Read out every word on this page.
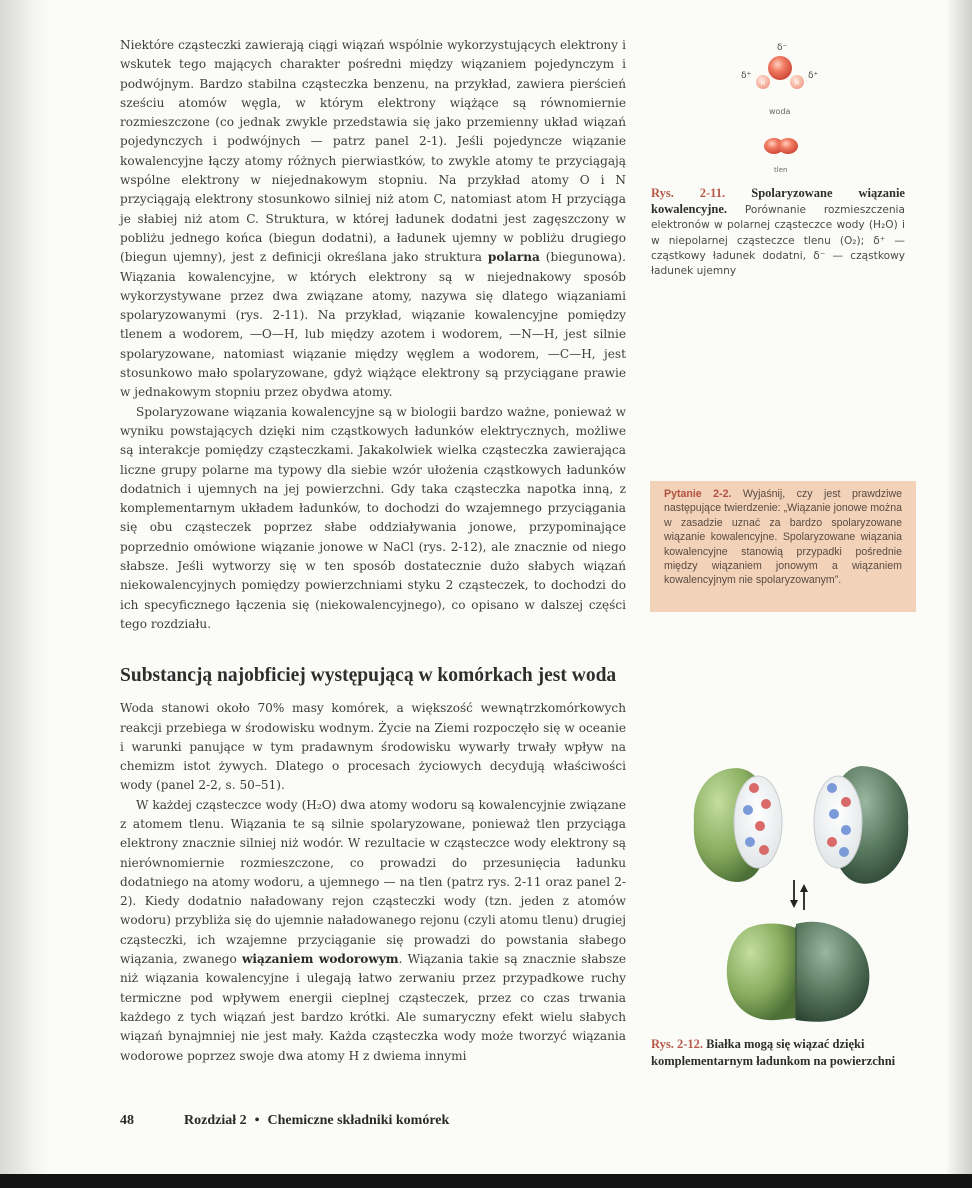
Niektóre cząsteczki zawierają ciągi wiązań wspólnie wykorzystujących elektrony i wskutek tego mających charakter pośredni między wiązaniem pojedynczym i podwójnym. Bardzo stabilna cząsteczka benzenu, na przykład, zawiera pierścień sześciu atomów węgla, w którym elektrony wiążące są równomiernie rozmieszczone (co jednak zwykle przedstawia się jako przemienny układ wiązań pojedynczych i podwójnych — patrz panel 2-1). Jeśli pojedyncze wiązanie kowalencyjne łączy atomy różnych pierwiastków, to zwykle atomy te przyciągają wspólne elektrony w niejednakowym stopniu. Na przykład atomy O i N przyciągają elektrony stosunkowo silniej niż atom C, natomiast atom H przyciąga je słabiej niż atom C. Struktura, w której ładunek dodatni jest zagęszczony w pobliżu jednego końca (biegun dodatni), a ładunek ujemny w pobliżu drugiego (biegun ujemny), jest z definicji określana jako struktura polarna (biegunowa). Wiązania kowalencyjne, w których elektrony są w niejednakowy sposób wykorzystywane przez dwa związane atomy, nazywa się dlatego wiązaniami spolaryzowanymi (rys. 2-11). Na przykład, wiązanie kowalencyjne pomiędzy tlenem a wodorem, —O—H, lub między azotem i wodorem, —N—H, jest silnie spolaryzowane, natomiast wiązanie między węglem a wodorem, —C—H, jest stosunkowo mało spolaryzowane, gdyż wiążące elektrony są przyciągane prawie w jednakowym stopniu przez obydwa atomy.

Spolaryzowane wiązania kowalencyjne są w biologii bardzo ważne, ponieważ w wyniku powstających dzięki nim cząstkowych ładunków elektrycznych, możliwe są interakcje pomiędzy cząsteczkami. Jakakolwiek wielka cząsteczka zawierająca liczne grupy polarne ma typowy dla siebie wzór ułożenia cząstkowych ładunków dodatnich i ujemnych na jej powierzchni. Gdy taka cząsteczka napotka inną, z komplementarnym układem ładunków, to dochodzi do wzajemnego przyciągania się obu cząsteczek poprzez słabe oddziaływania jonowe, przypominające poprzednio omówione wiązanie jonowe w NaCl (rys. 2-12), ale znacznie od niego słabsze. Jeśli wytworzy się w ten sposób dostatecznie dużo słabych wiązań niekowalencyjnych pomiędzy powierzchniami styku 2 cząsteczek, to dochodzi do ich specyficznego łączenia się (niekowalencyjnego), co opisano w dalszej części tego rozdziału.

Substancją najobficiej występującą w komórkach jest woda

Woda stanowi około 70% masy komórek, a większość wewnątrzkomórkowych reakcji przebiega w środowisku wodnym. Życie na Ziemi rozpoczęło się w oceanie i warunki panujące w tym pradawnym środowisku wywarły trwały wpływ na chemizm istot żywych. Dlatego o procesach życiowych decydują właściwości wody (panel 2-2, s. 50–51).

W każdej cząsteczce wody (H₂O) dwa atomy wodoru są kowalencyjnie związane z atomem tlenu. Wiązania te są silnie spolaryzowane, ponieważ tlen przyciąga elektrony znacznie silniej niż wodór. W rezultacie w cząsteczce wody elektrony są nierównomiernie rozmieszczone, co prowadzi do przesunięcia ładunku dodatniego na atomy wodoru, a ujemnego — na tlen (patrz rys. 2-11 oraz panel 2-2). Kiedy dodatnio naładowany rejon cząsteczki wody (tzn. jeden z atomów wodoru) przybliża się do ujemnie naładowanego rejonu (czyli atomu tlenu) drugiej cząsteczki, ich wzajemne przyciąganie się prowadzi do powstania słabego wiązania, zwanego wiązaniem wodorowym. Wiązania takie są znacznie słabsze niż wiązania kowalencyjne i ulegają łatwo zerwaniu przez przypadkowe ruchy termiczne pod wpływem energii cieplnej cząsteczek, przez co czas trwania każdego z tych wiązań jest bardzo krótki. Ale sumaryczny efekt wielu słabych wiązań bynajmniej nie jest mały. Każda cząsteczka wody może tworzyć wiązania wodorowe poprzez swoje dwa atomy H z dwiema innymi

δ⁻
δ⁺	δ⁺
H	H
woda
tlen
Rys. 2-11. Spolaryzowane wiązanie kowalencyjne. Porównanie rozmieszczenia elektronów w polarnej cząsteczce wody (H₂O) i w niepolarnej cząsteczce tlenu (O₂); δ⁺ — cząstkowy ładunek dodatni, δ⁻ — cząstkowy ładunek ujemny
Pytanie 2-2. Wyjaśnij, czy jest prawdziwe następujące twierdzenie: „Wiązanie jonowe można w zasadzie uznać za bardzo spolaryzowane wiązanie kowalencyjne. Spolaryzowane wiązania kowalencyjne stanowią przypadki pośrednie między wiązaniem jonowym a wiązaniem kowalencyjnym nie spolaryzowanym”.
Rys. 2-12. Białka mogą się wiązać dzięki komplementarnym ładunkom na powierzchni
48	Rozdział 2 • Chemiczne składniki komórek
